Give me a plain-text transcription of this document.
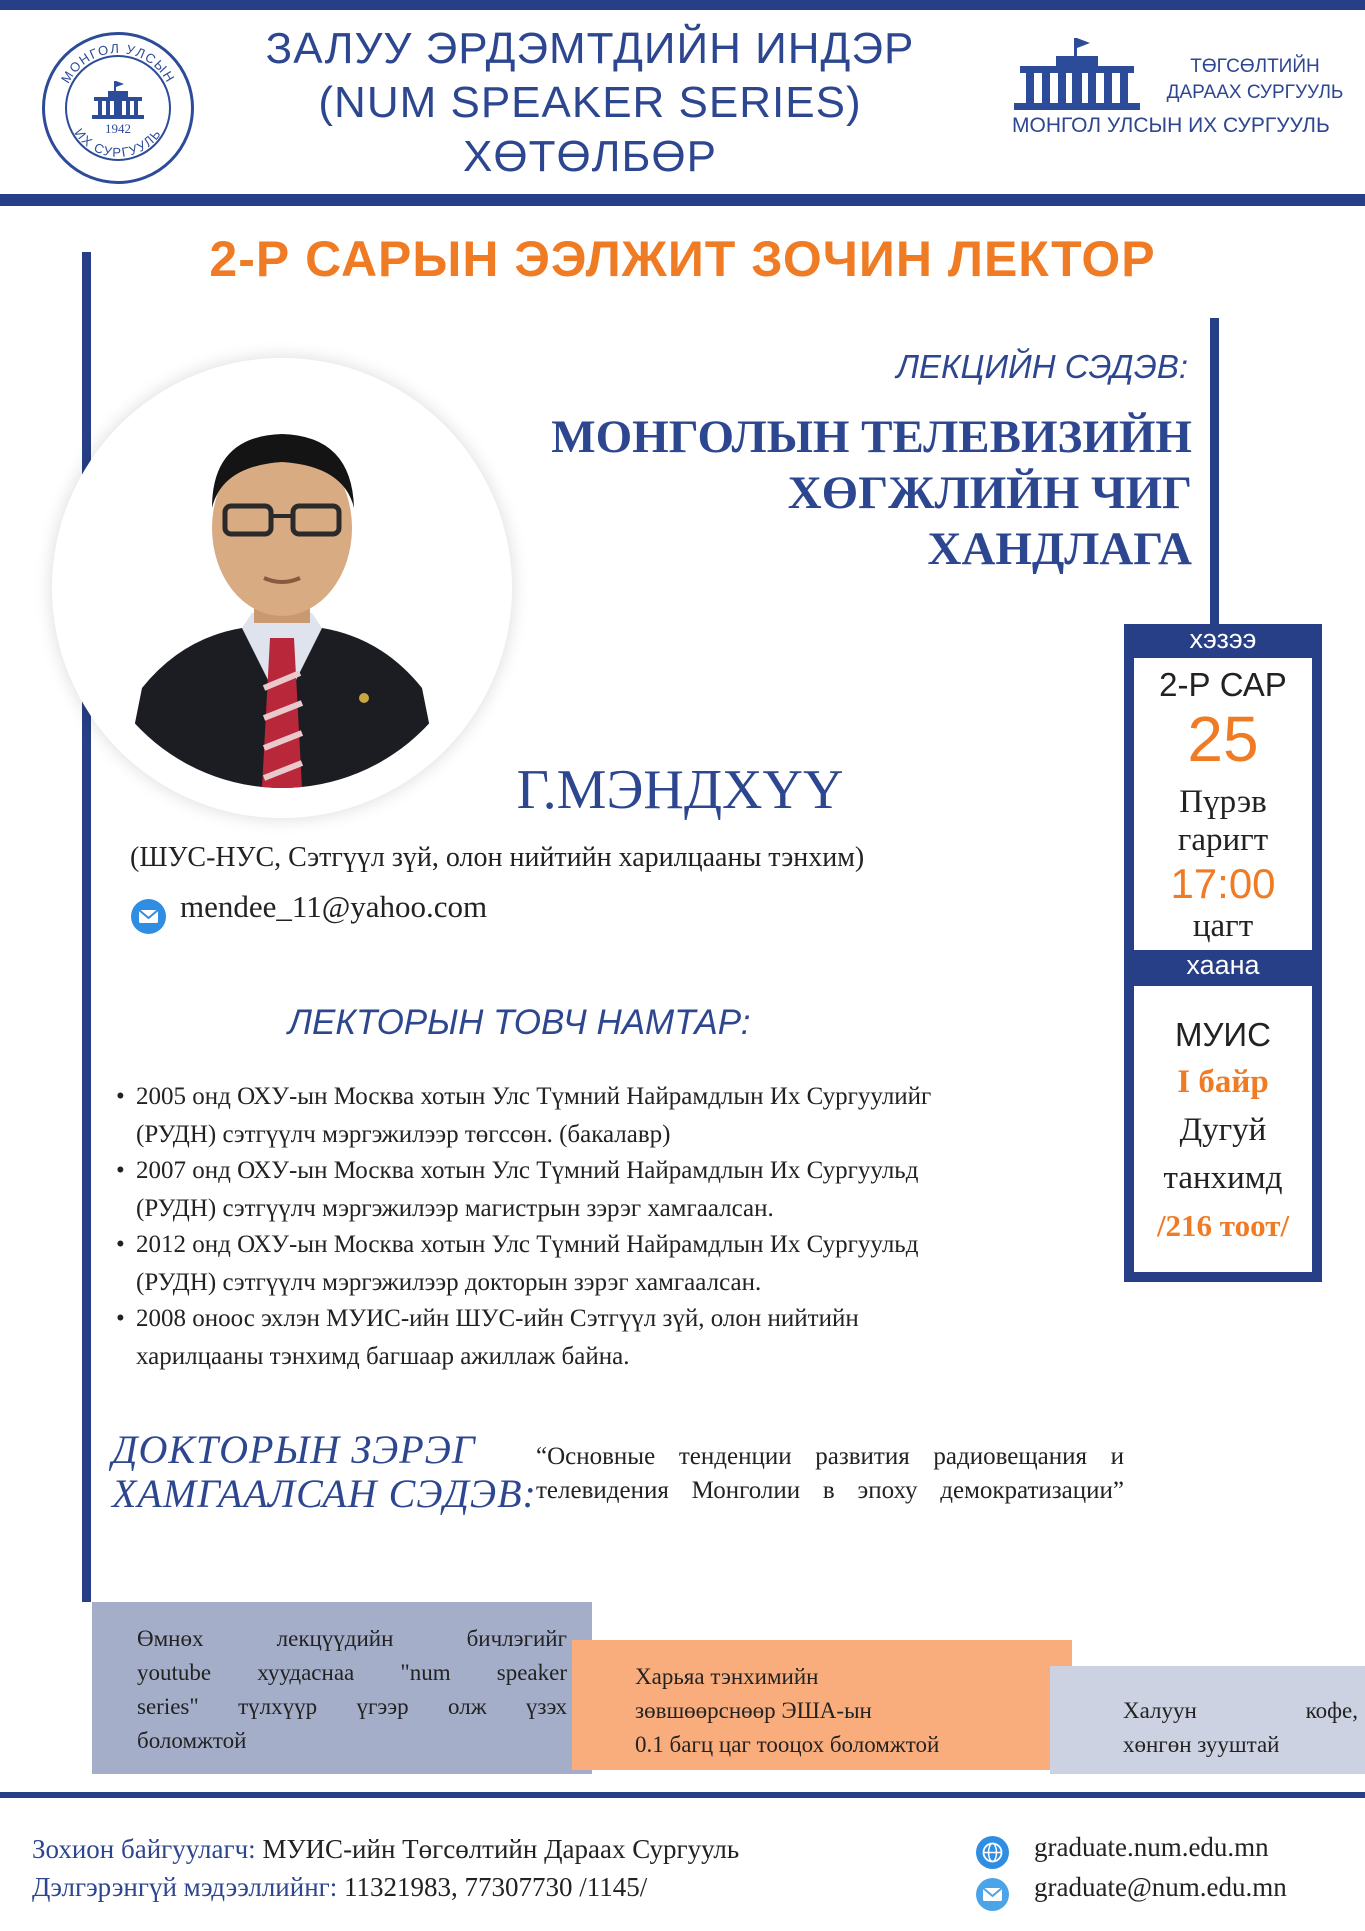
МОНГОЛ УЛСЫН
ИХ СУРГУУЛЬ
1942
ЗАЛУУ ЭРДЭМТДИЙН ИНДЭР
(NUM SPEAKER SERIES)
ХӨТӨЛБӨР
ТӨГСӨЛТИЙН
ДАРААХ СУРГУУЛЬ
МОНГОЛ УЛСЫН ИХ СУРГУУЛЬ
2-Р САРЫН ЭЭЛЖИТ ЗОЧИН ЛЕКТОР
ЛЕКЦИЙН СЭДЭВ:
МОНГОЛЫН ТЕЛЕВИЗИЙН
ХӨГЖЛИЙН ЧИГ
ХАНДЛАГА
Г.МЭНДХҮҮ
(ШУС-НУС, Сэтгүүл зүй, олон нийтийн харилцааны тэнхим)
mendee_11@yahoo.com
хэзээ
2-Р САР
25
Пүрэв
гаригт
17:00
цагт
хаана
МУИС
I байр
Дугуй
танхимд
/216 тоот/
ЛЕКТОРЫН ТОВЧ НАМТАР:
• 2005 онд ОХУ-ын Москва хотын Улс Түмний Найрамдлын Их Сургуулийг
(РУДН) сэтгүүлч мэргэжилээр төгссөн. (бакалавр)
• 2007 онд ОХУ-ын Москва хотын Улс Түмний Найрамдлын Их Сургуульд
(РУДН) сэтгүүлч мэргэжилээр магистрын зэрэг хамгаалсан.
• 2012 онд ОХУ-ын Москва хотын Улс Түмний Найрамдлын Их Сургуульд
(РУДН) сэтгүүлч мэргэжилээр докторын зэрэг хамгаалсан.
• 2008 оноос эхлэн МУИС-ийн ШУС-ийн Сэтгүүл зүй, олон нийтийн
харилцааны тэнхимд багшаар ажиллаж байна.
ДОКТОРЫН ЗЭРЭГ
ХАМГААЛСАН СЭДЭВ:
“Основные тенденции развития радиовещания и телевидения Монголии в эпоху демократизации”
Өмнөх лекцүүдийн бичлэгийг
youtube хуудаснаа "num speaker
series" түлхүүр үгээр олж үзэх
боломжтой
Харьяа тэнхимийн
зөвшөөрснөөр ЭША-ын
0.1 багц цаг тооцох боломжтой
Халуун кофе,
хөнгөн зууштай
Зохион байгуулагч: МУИС-ийн Төгсөлтийн Дараах Сургууль
Дэлгэрэнгүй мэдээллийнг: 11321983, 77307730 /1145/
graduate.num.edu.mn
graduate@num.edu.mn
